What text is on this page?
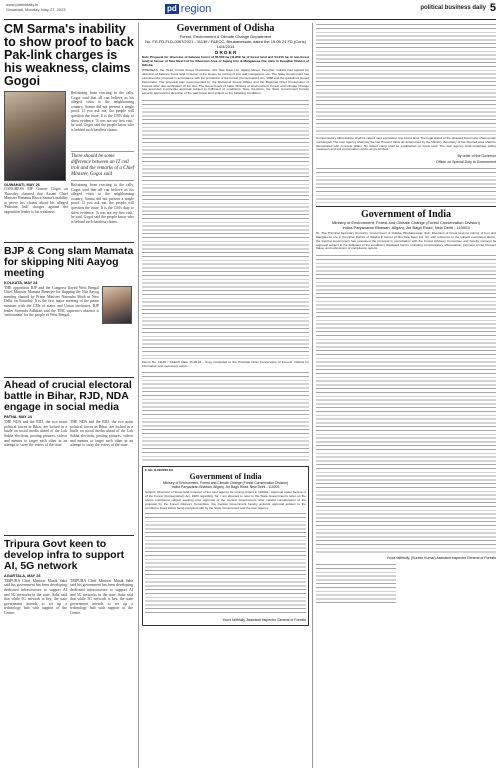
www.platinidaily.in
Guwahati, Monday, May 27, 2023	pd region	political business daily 5
CM Sarma's inability to show proof to back Pak-link charges is his weakness, claims Gogoi
GUWAHATI, MAY 26
CONGRESS MP Gaurav Gogoi on Thursday claimed that Assam Chief Minister Himanta Biswa Sarma's inability to prove his claims about his alleged 'Pakistan link' charges against the opposition leader is his weakness.
Refraining from reacting to the rally, Gogoi said that all can believe as his alleged visits to the neighbouring country, Sarma did not present a single proof. If you ask me, the people will question the issue. It is the CM's duty to show evidence. 'It was not my first visit,' he said. Gogoi said the people know who is behind such baseless claims.
There should be some difference between an IT cell troll and the remarks of a Chief Minister, Gogoi said
Refraining from reacting to the rally, Gogoi said that all can believe as his alleged visits to the neighbouring country, Sarma did not present a single proof. If you ask me, the people will question the issue. It is the CM's duty to show evidence. 'It was not my first visit,' he said. Gogoi said the people know who is behind such baseless claims.
BJP & Cong slam Mamata for skipping Niti Aayog meeting
KOLKATA, MAY 24
THE opposition BJP and the Congress flayed West Bengal Chief Minister Mamata Banerjee for skipping the Niti Aayog meeting chaired by Prime Minister Narendra Modi in New Delhi on Saturday. It is the first major meeting of the prime minister with the CMs of states and Union territories. BJP leader Suvendu Adhikari said the TMC supremo's absence is 'unfortunate' for the people of West Bengal.
Ahead of crucial electoral battle in Bihar, RJD, NDA engage in social media
PATNA, MAY 24
THE NDA and the RJD, the two main political forces in Bihar, are locked in a battle on social media ahead of the Lok Sabha elections, posting pictures, videos and memes to target each other in an attempt to sway the voters of the state.
THE NDA and the RJD, the two main political forces in Bihar, are locked in a battle on social media ahead of the Lok Sabha elections, posting pictures, videos and memes to target each other in an attempt to sway the voters of the state.
Tripura Govt keen to develop infra to support AI, 5G network
AGARTALA, MAY 24
TRIPURA Chief Minister Manik Saha said his government has been developing dedicated infrastructure to support AI and 5G networks in the state. Saha said that while 5G network is key, the state government intends to set up a technology hub with support of the Centre.
TRIPURA Chief Minister Manik Saha said his government has been developing dedicated infrastructure to support AI and 5G networks in the state. Saha said that while 5G network is key, the state government intends to set up a technology hub with support of the Centre.
Government of Odisha
Forest, Environment & Climate Change Department
No. FE-FD-FLD-0067/2021 - 11139 / F&ECC, Bhubaneswar, dated the 15.05.24 FD (Cons) 14/4/2014
O R D E R
Sub: Proposal for diversion of balance forest of 65.500 ha (11.859 ha of forest land and 54.210 ha of non-forest land) in favour of Tata Steel Ltd for Diversion Area of Jajang Iron & Manganese Ore mine in Keonjhar District of Odisha.
WHEREAS, the Head, Forest Abaya Production, M/s Tata Steel Ltd, Jajang Mines, Keonjhar, Odisha had applied for diversion of balance forest land in favour of the lessee for mining of iron and manganese ore. The State Government has examined the proposal in accordance with the provisions of the Forest (Conservation) Act, 1980 and the guidelines issued thereunder. The proposal was recommended by the Divisional Forest Officer and the Regional Chief Conservator of Forests after due verification of the site. The Government of India, Ministry of Environment, Forest and Climate Change has accorded in-principle approval subject to fulfilment of conditions. Now, therefore, the State Government hereby accords approval for diversion of the said forest land subject to the following conditions.
Memo No. 11140 / F&ECC Date 15.05.24 - Copy forwarded to the Principal Chief Conservator of Forests, Odisha for information and necessary action.
F. No. 8-01/2015-FC
Government of India
Ministry of Environment, Forest and Climate Change (Forest Conservation Division)
Indira Paryavaran Bhawan, Aliganj, Jor Bagh Road, New Delhi - 110003
Subject: Diversion of forest land in favour of the user agency for mining project in Odisha - Approval under Section 2 of the Forest (Conservation) Act, 1980 regarding. Sir, I am directed to refer to the State Government's letter on the above mentioned subject seeking prior approval of the Central Government. After careful consideration of the proposal by the Forest Advisory Committee, the Central Government hereby accords approval subject to the conditions listed below being complied with by the State Government and the user agency.
Yours faithfully, Assistant Inspector General of Forests
Compensatory afforestation shall be raised over equivalent non-forest land. The legal status of the diverted forest land shall remain unchanged. The user agency shall pay the Net Present Value as determined by the Ministry. Boundary of the diverted area shall be demarcated with concrete pillars. No labour camp shall be established on forest land. The user agency shall undertake safety measures and soil conservation works as prescribed.
By order of the Governor
Officer on Special Duty to Government
Government of India
Ministry of Environment, Forest and Climate Change (Forest Conservation Division)
Indira Paryavaran Bhawan, Aliganj, Jor Bagh Road, New Delhi - 110003
To, The Principal Secretary (Forests), Government of Odisha, Bhubaneswar. Sub: Diversion of forest land for mining of Iron and Manganese ore in Keonjhar District of Odisha in favour of M/s Tata Steel Ltd. Sir, with reference to the subject mentioned above, the Central Government has examined the proposal in consultation with the Forest Advisory Committee and hereby conveys its approval subject to the fulfilment of the conditions stipulated herein, including compensatory afforestation, payment of Net Present Value, and submission of compliance reports.
Yours faithfully, (Suresh Kumar) Assistant Inspector General of Forests
